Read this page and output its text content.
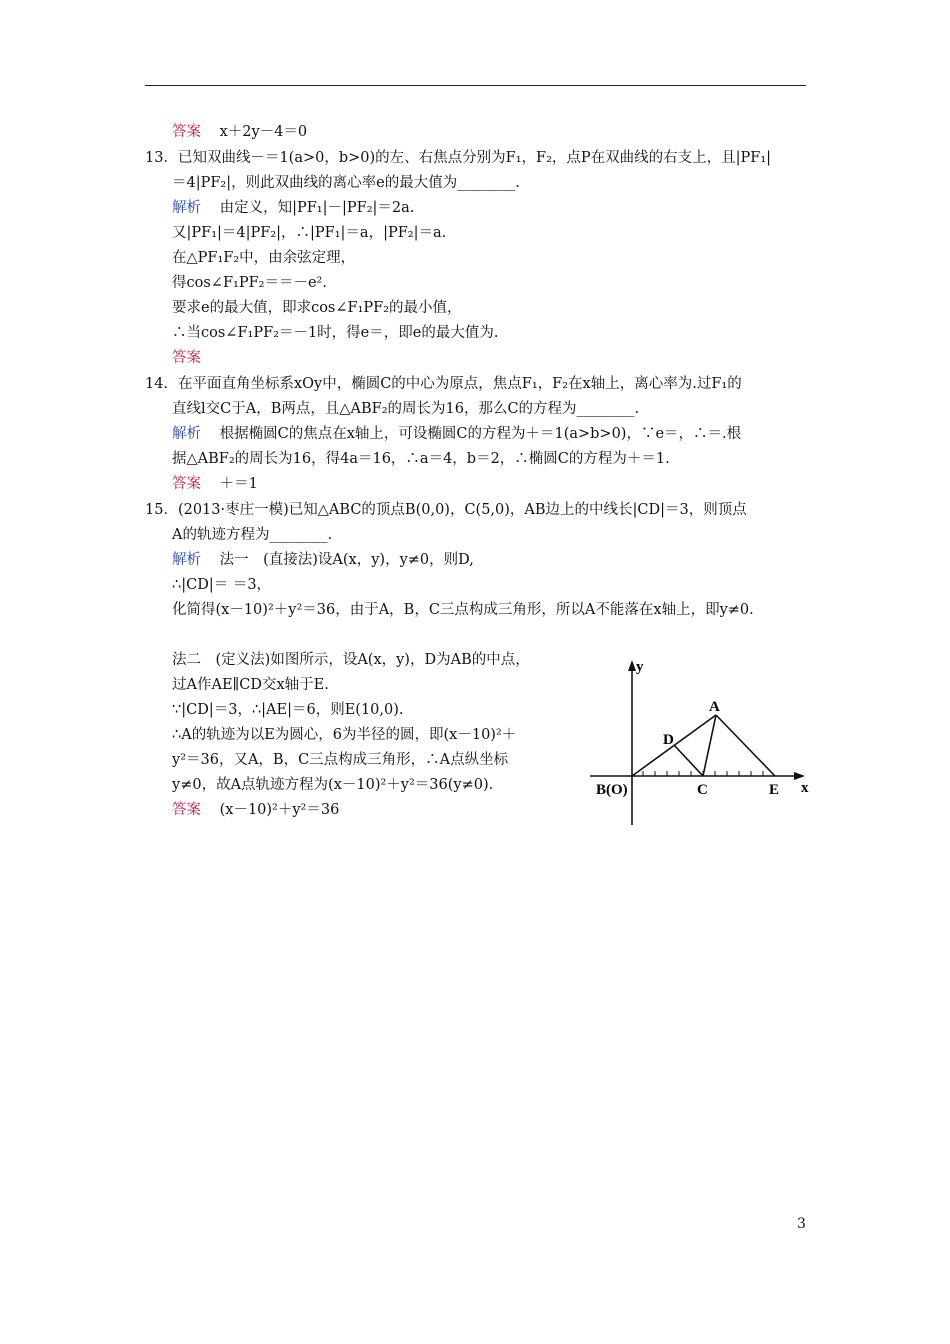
答案 x＋2y－4＝0
13．已知双曲线－＝1(a>0，b>0)的左、右焦点分别为F₁，F₂，点P在双曲线的右支上，且|PF₁|
＝4|PF₂|，则此双曲线的离心率e的最大值为________.
解析 由定义，知|PF₁|－|PF₂|＝2a.
又|PF₁|＝4|PF₂|，∴|PF₁|＝a，|PF₂|＝a.
在△PF₁F₂中，由余弦定理，
得cos∠F₁PF₂＝＝－e².
要求e的最大值，即求cos∠F₁PF₂的最小值，
∴当cos∠F₁PF₂＝－1时，得e＝，即e的最大值为.
答案
14．在平面直角坐标系xOy中，椭圆C的中心为原点，焦点F₁，F₂在x轴上，离心率为.过F₁的
直线l交C于A，B两点，且△ABF₂的周长为16，那么C的方程为________.
解析 根据椭圆C的焦点在x轴上，可设椭圆C的方程为＋＝1(a>b>0)，∵e＝，∴＝.根
据△ABF₂的周长为16，得4a＝16，∴a＝4，b＝2，∴椭圆C的方程为＋＝1.
答案 ＋＝1
15．(2013·枣庄一模)已知△ABC的顶点B(0,0)，C(5,0)，AB边上的中线长|CD|＝3，则顶点
A的轨迹方程为________.
解析 法一　(直接法)设A(x，y)，y≠0，则D,
∴|CD|＝ ＝3，
化简得(x－10)²＋y²＝36，由于A，B，C三点构成三角形，所以A不能落在x轴上，即y≠0.
法二　(定义法)如图所示，设A(x，y)，D为AB的中点，
过A作AE∥CD交x轴于E.
∵|CD|＝3，∴|AE|＝6，则E(10,0).
∴A的轨迹为以E为圆心，6为半径的圆，即(x－10)²＋
y²＝36，又A，B，C三点构成三角形，∴A点纵坐标
y≠0，故A点轨迹方程为(x－10)²＋y²＝36(y≠0).
答案 (x－10)²＋y²＝36
y
x
A
D
B(O)	C	E
3
